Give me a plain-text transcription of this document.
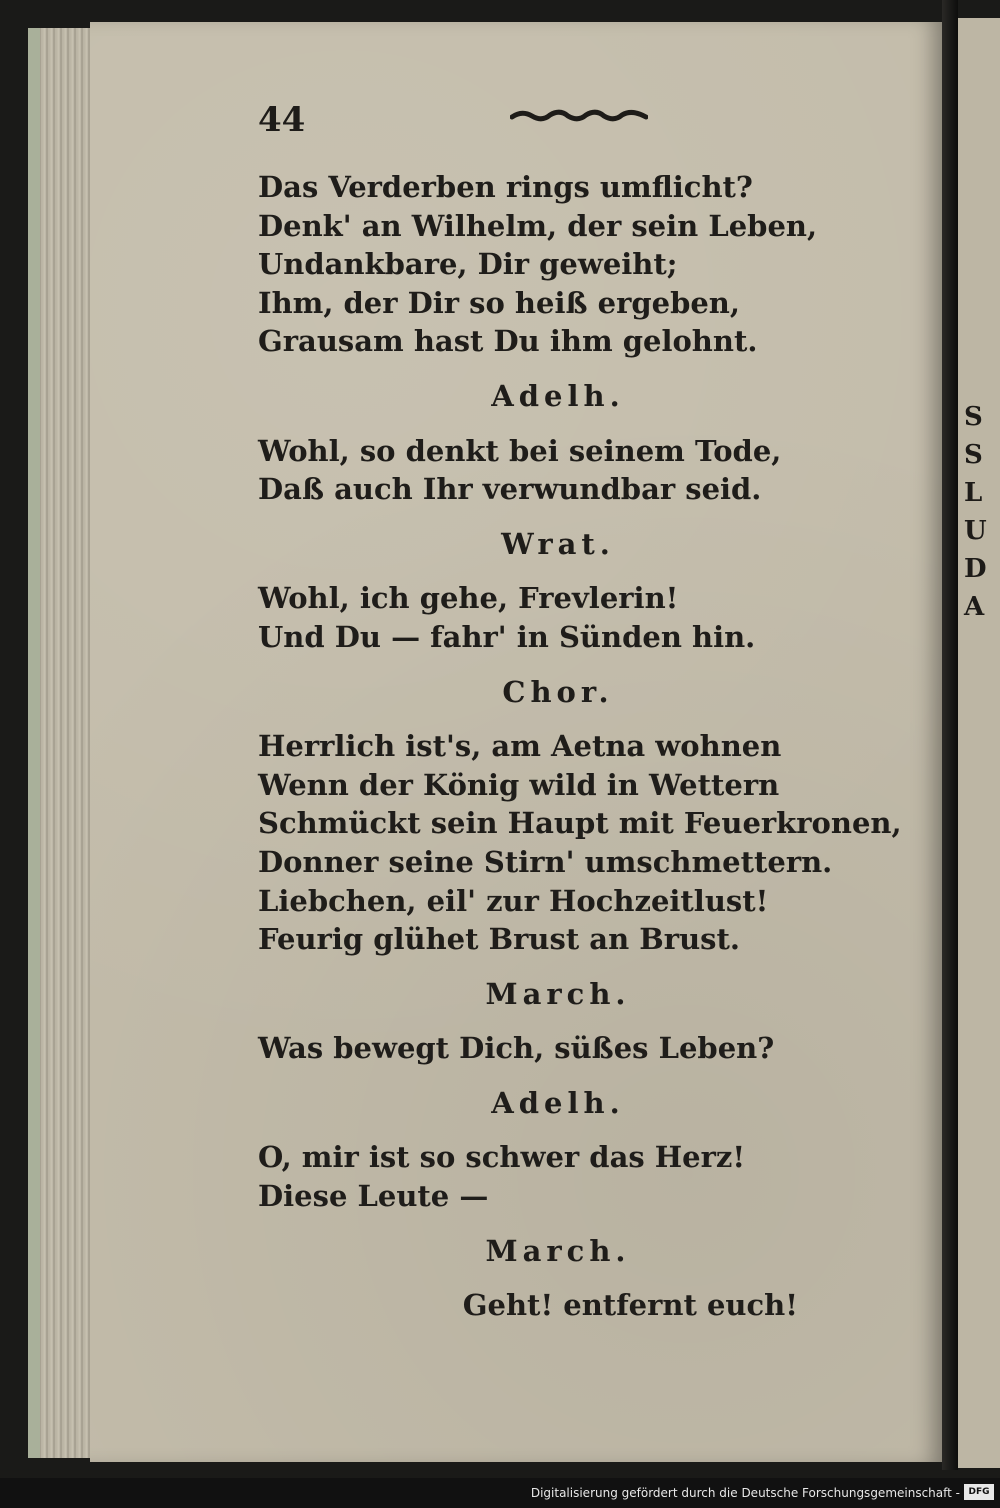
S
S
L
U
D
A
44
Das Verderben rings umflicht?
Denk' an Wilhelm, der sein Leben,
Undankbare, Dir geweiht;
Ihm, der Dir so heiß ergeben,
Grausam hast Du ihm gelohnt.
Adelh.
Wohl, so denkt bei seinem Tode,
Daß auch Ihr verwundbar seid.
Wrat.
Wohl, ich gehe, Frevlerin!
Und Du — fahr' in Sünden hin.
Chor.
Herrlich ist's, am Aetna wohnen
Wenn der König wild in Wettern
Schmückt sein Haupt mit Feuerkronen,
Donner seine Stirn' umschmettern.
Liebchen, eil' zur Hochzeitlust!
Feurig glühet Brust an Brust.
March.
Was bewegt Dich, süßes Leben?
Adelh.
O, mir ist so schwer das Herz!
Diese Leute —
March.
Geht! entfernt euch!
Digitalisierung gefördert durch die Deutsche Forschungsgemeinschaft - DFG
